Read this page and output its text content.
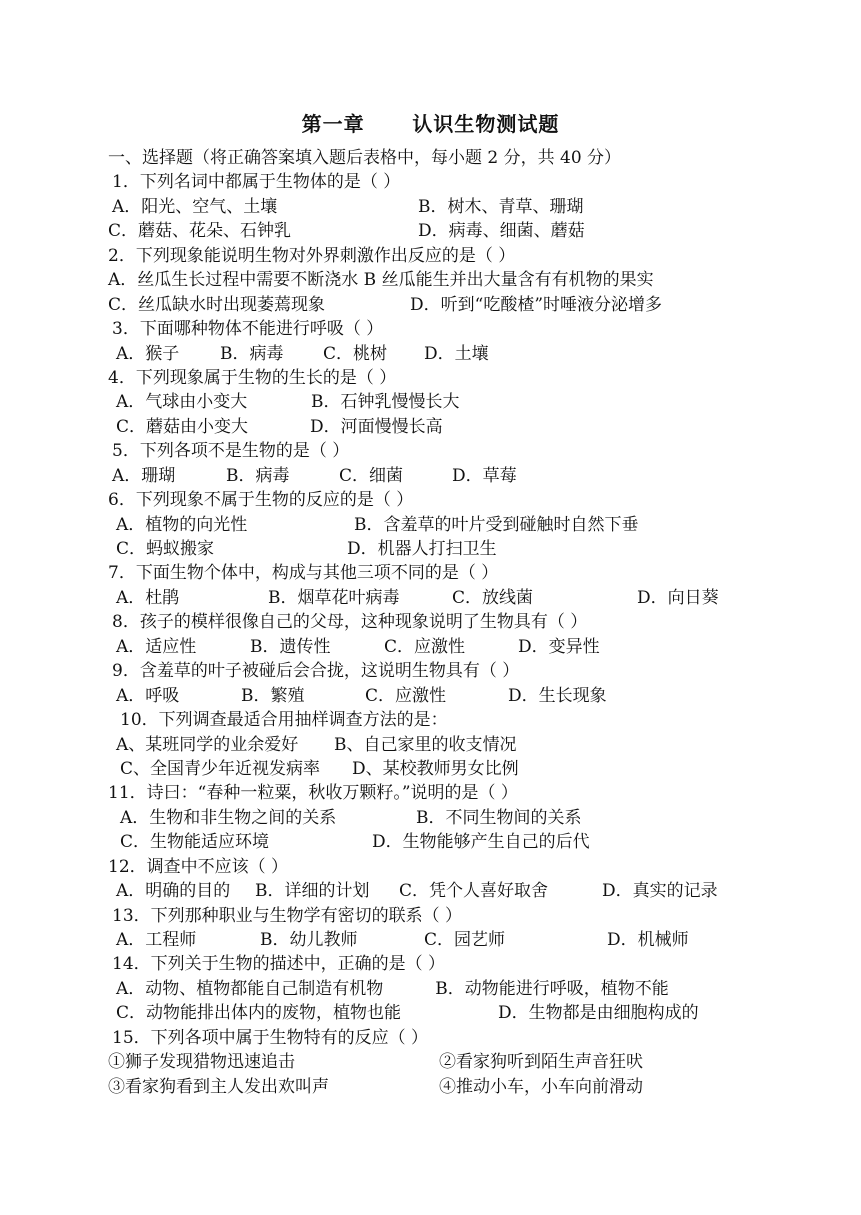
第一章      认识生物测试题
一、选择题（将正确答案填入题后表格中，每小题 2 分，共 40 分）
1．下列名词中都属于生物体的是（ ）
A．阳光、空气、土壤	B．树木、青草、珊瑚
C．蘑菇、花朵、石钟乳	D．病毒、细菌、蘑菇
2．下列现象能说明生物对外界刺激作出反应的是（ ）
A．丝瓜生长过程中需要不断浇水 B 丝瓜能生并出大量含有有机物的果实
C．丝瓜缺水时出现萎蔫现象	D．听到“吃酸楂”时唾液分泌增多
3．下面哪种物体不能进行呼吸（ ）
A．猴子	B．病毒	C．桃树	D．土壤
4．下列现象属于生物的生长的是（ ）
A．气球由小变大	B．石钟乳慢慢长大
C．蘑菇由小变大	D．河面慢慢长高
5．下列各项不是生物的是（ ）
A．珊瑚	B．病毒	C．细菌	D．草莓
6．下列现象不属于生物的反应的是（ ）
A．植物的向光性	B．含羞草的叶片受到碰触时自然下垂
C．蚂蚁搬家	D．机器人打扫卫生
7．下面生物个体中，构成与其他三项不同的是（ ）
A．杜鹃	B．烟草花叶病毒	C．放线菌	D．向日葵
8．孩子的模样很像自己的父母，这种现象说明了生物具有（ ）
A．适应性	B．遗传性	C．应激性	D．变异性
9．含羞草的叶子被碰后会合拢，这说明生物具有（ ）
A．呼吸	B．繁殖	C．应激性	D．生长现象
10．下列调查最适合用抽样调查方法的是：
A、某班同学的业余爱好	B、自己家里的收支情况
C、全国青少年近视发病率	D、某校教师男女比例
11．诗曰：“春种一粒粟，秋收万颗籽。”说明的是（ ）
A．生物和非生物之间的关系	B．不同生物间的关系
C．生物能适应环境	D．生物能够产生自己的后代
12．调查中不应该（ ）
A．明确的目的	B．详细的计划	C．凭个人喜好取舍	D．真实的记录
13．下列那种职业与生物学有密切的联系（ ）
A．工程师	B．幼儿教师	C．园艺师	D．机械师
14．下列关于生物的描述中，正确的是（ ）
A．动物、植物都能自己制造有机物	B．动物能进行呼吸，植物不能
C．动物能排出体内的废物，植物也能	D．生物都是由细胞构成的
15．下列各项中属于生物特有的反应（ ）
①狮子发现猎物迅速追击	②看家狗听到陌生声音狂吠
③看家狗看到主人发出欢叫声	④推动小车，小车向前滑动
